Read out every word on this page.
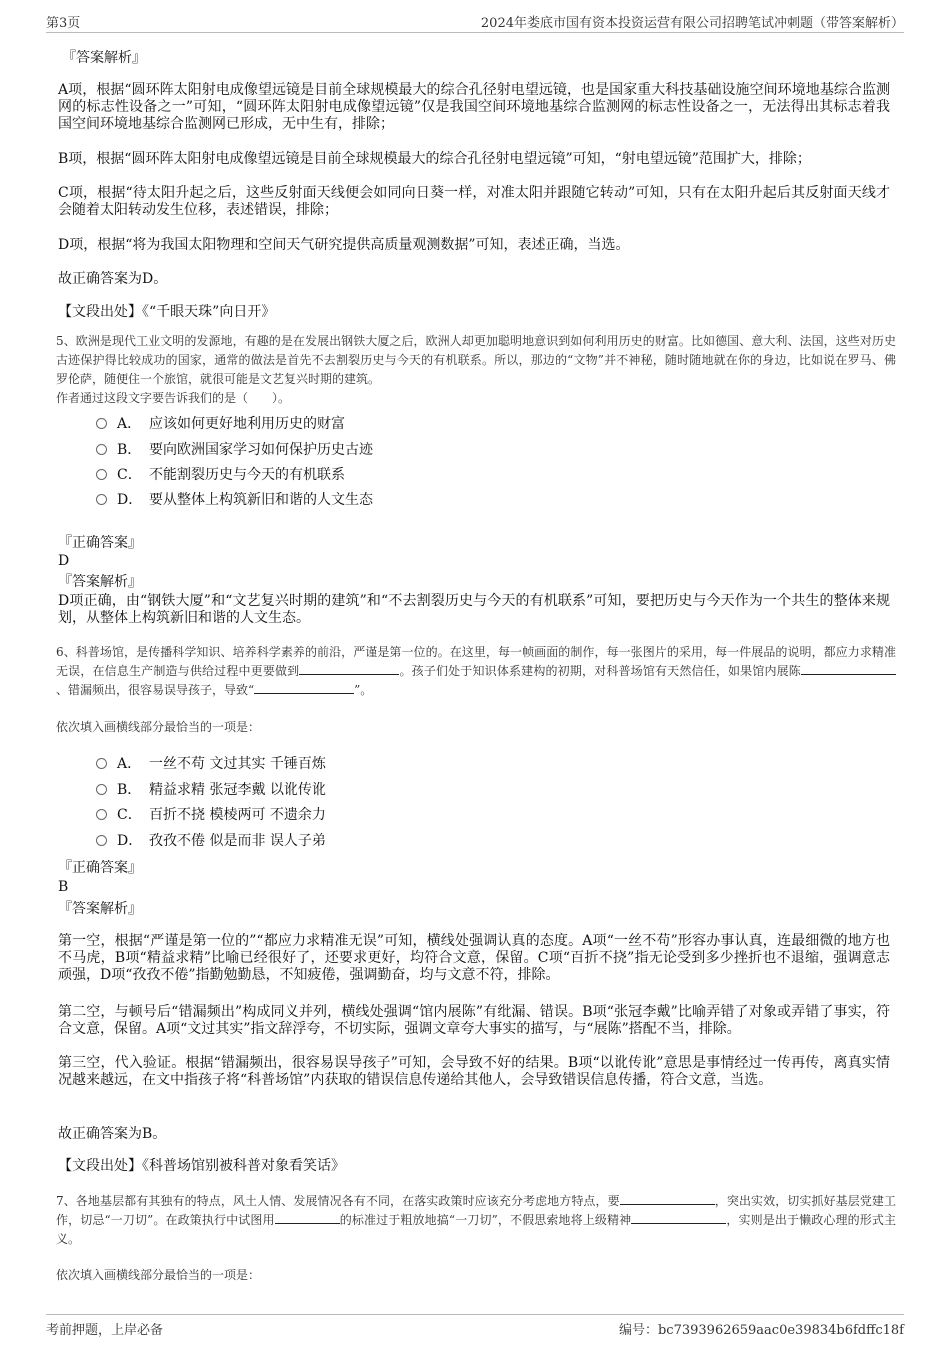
第3页	2024年娄底市国有资本投资运营有限公司招聘笔试冲刺题（带答案解析）
『答案解析』
A项，根据“圆环阵太阳射电成像望远镜是目前全球规模最大的综合孔径射电望远镜，也是国家重大科技基础设施空间环境地基综合监测网的标志性设备之一”可知，“圆环阵太阳射电成像望远镜”仅是我国空间环境地基综合监测网的标志性设备之一，无法得出其标志着我国空间环境地基综合监测网已形成，无中生有，排除；
B项，根据“圆环阵太阳射电成像望远镜是目前全球规模最大的综合孔径射电望远镜”可知，“射电望远镜”范围扩大，排除；
C项，根据“待太阳升起之后，这些反射面天线便会如同向日葵一样，对准太阳并跟随它转动”可知，只有在太阳升起后其反射面天线才会随着太阳转动发生位移，表述错误，排除；
D项，根据“将为我国太阳物理和空间天气研究提供高质量观测数据”可知，表述正确，当选。
故正确答案为D。
【文段出处】《“千眼天珠”向日开》
5、欧洲是现代工业文明的发源地，有趣的是在发展出钢铁大厦之后，欧洲人却更加聪明地意识到如何利用历史的财富。比如德国、意大利、法国，这些对历史古迹保护得比较成功的国家，通常的做法是首先不去割裂历史与今天的有机联系。所以，那边的“文物”并不神秘，随时随地就在你的身边，比如说在罗马、佛罗伦萨，随便住一个旅馆，就很可能是文艺复兴时期的建筑。
作者通过这段文字要告诉我们的是（　　）。
A． 应该如何更好地利用历史的财富
B． 要向欧洲国家学习如何保护历史古迹
C． 不能割裂历史与今天的有机联系
D． 要从整体上构筑新旧和谐的人文生态
『正确答案』
D
『答案解析』
D项正确，由“钢铁大厦”和“文艺复兴时期的建筑”和“不去割裂历史与今天的有机联系”可知，要把历史与今天作为一个共生的整体来规划，从整体上构筑新旧和谐的人文生态。
6、科普场馆，是传播科学知识、培养科学素养的前沿，严谨是第一位的。在这里，每一帧画面的制作，每一张图片的采用，每一件展品的说明，都应力求精准无误，在信息生产制造与供给过程中更要做到	。孩子们处于知识体系建构的初期，对科普场馆有天然信任，如果馆内展陈、错漏频出，很容易误导孩子，导致“	”。
依次填入画横线部分最恰当的一项是：
A． 一丝不苟 文过其实 千锤百炼
B． 精益求精 张冠李戴 以讹传讹
C． 百折不挠 模棱两可 不遗余力
D． 孜孜不倦 似是而非 误人子弟
『正确答案』
B
『答案解析』
第一空，根据“严谨是第一位的”“都应力求精准无误”可知，横线处强调认真的态度。A项“一丝不苟”形容办事认真，连最细微的地方也不马虎，B项“精益求精”比喻已经很好了，还要求更好，均符合文意，保留。C项“百折不挠”指无论受到多少挫折也不退缩，强调意志顽强，D项“孜孜不倦”指勤勉勤恳，不知疲倦，强调勤奋，均与文意不符，排除。
第二空，与顿号后“错漏频出”构成同义并列，横线处强调“馆内展陈”有纰漏、错误。B项“张冠李戴”比喻弄错了对象或弄错了事实，符合文意，保留。A项“文过其实”指文辞浮夸，不切实际，强调文章夸大事实的描写，与“展陈”搭配不当，排除。
第三空，代入验证。根据“错漏频出，很容易误导孩子”可知，会导致不好的结果。B项“以讹传讹”意思是事情经过一传再传，离真实情况越来越远，在文中指孩子将“科普场馆”内获取的错误信息传递给其他人，会导致错误信息传播，符合文意，当选。
故正确答案为B。
【文段出处】《科普场馆别被科普对象看笑话》
7、各地基层都有其独有的特点，风土人情、发展情况各有不同，在落实政策时应该充分考虑地方特点，要	，突出实效，切实抓好基层党建工作，切忌“一刀切”。在政策执行中试图用	的标准过于粗放地搞“一刀切”，不假思索地将上级精神	，实则是出于懒政心理的形式主义。
依次填入画横线部分最恰当的一项是：
考前押题，上岸必备	编号：bc7393962659aac0e39834b6fdffc18f
